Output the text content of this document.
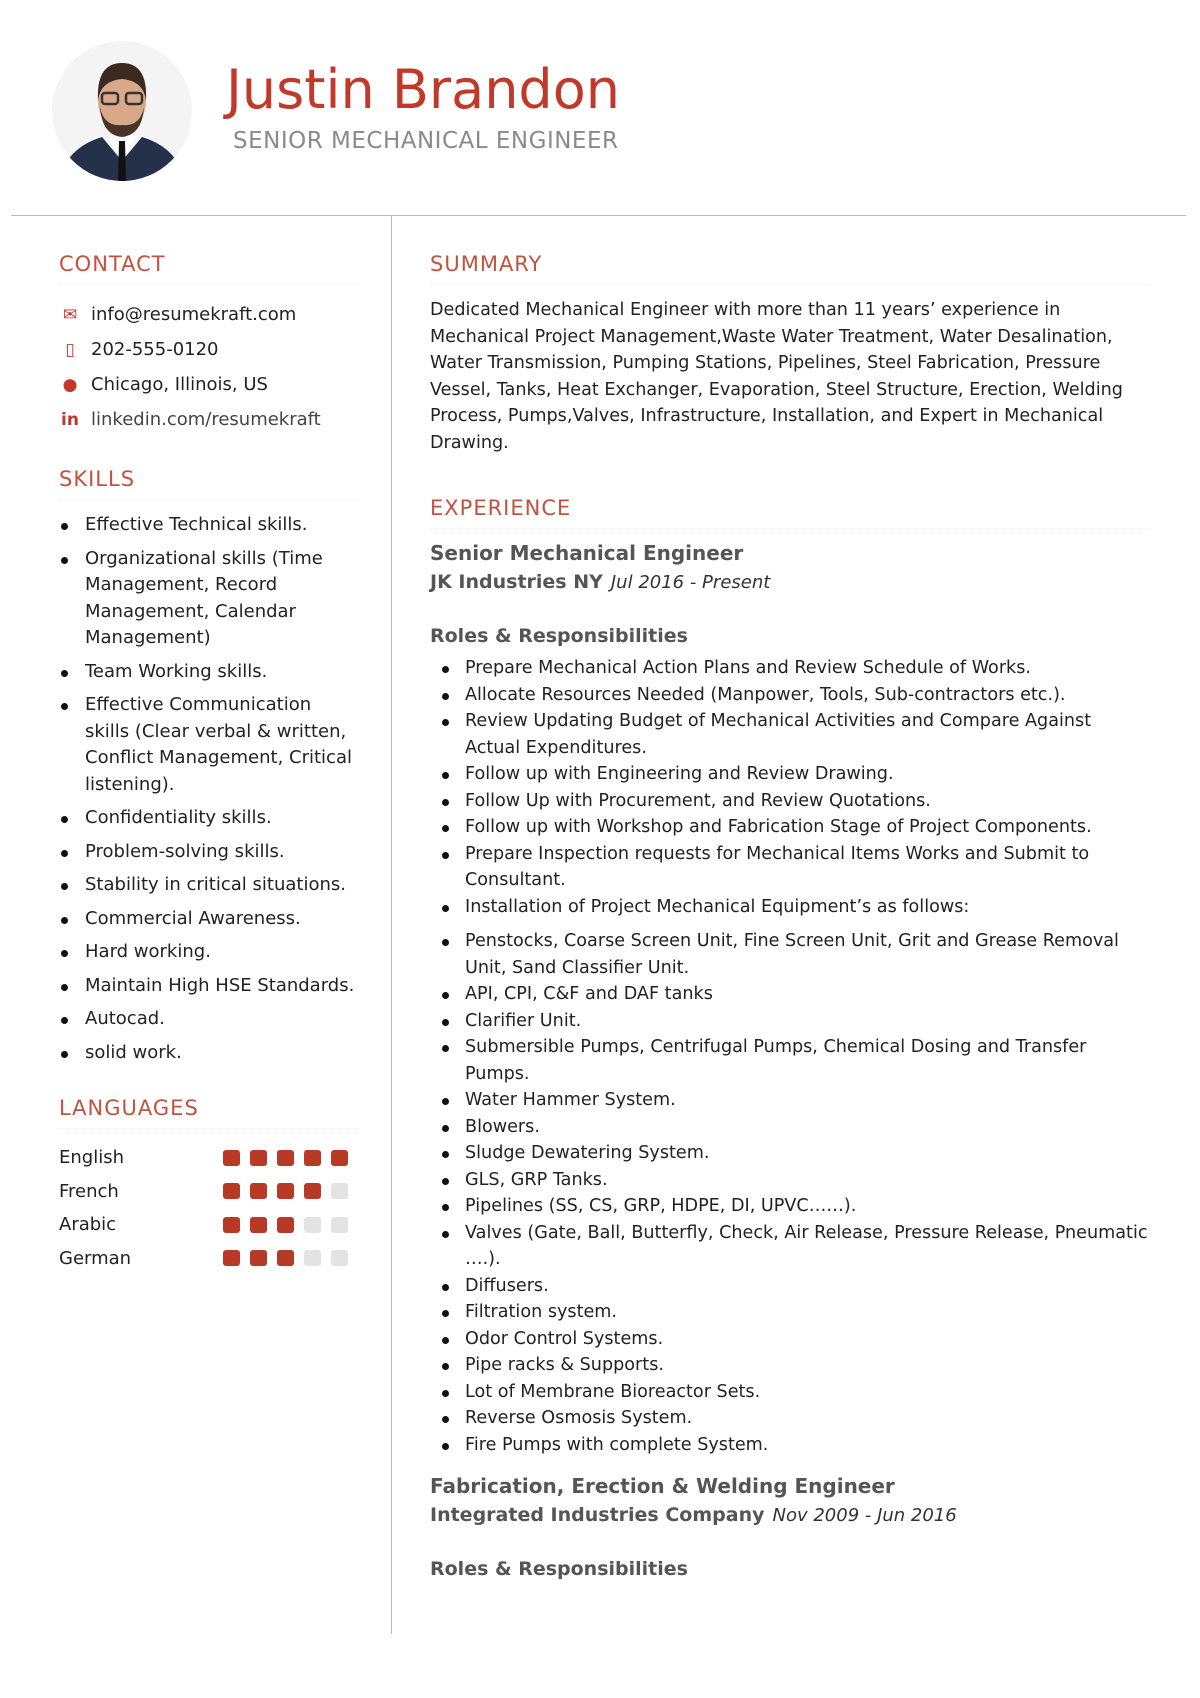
Justin Brandon
SENIOR MECHANICAL ENGINEER
CONTACT
✉ info@resumekraft.com
▯ 202-555-0120
● Chicago, Illinois, US
in linkedin.com/resumekraft
SKILLS
Effective Technical skills.
Organizational skills (Time Management, Record Management, Calendar Management)
Team Working skills.
Effective Communication skills (Clear verbal & written, Conflict Management, Critical listening).
Confidentiality skills.
Problem-solving skills.
Stability in critical situations.
Commercial Awareness.
Hard working.
Maintain High HSE Standards.
Autocad.
solid work.
LANGUAGES
English
French
Arabic
German
SUMMARY

Dedicated Mechanical Engineer with more than 11 years’ experience in Mechanical Project Management,Waste Water Treatment, Water Desalination, Water Transmission, Pumping Stations, Pipelines, Steel Fabrication, Pressure Vessel, Tanks, Heat Exchanger, Evaporation, Steel Structure, Erection, Welding Process, Pumps,Valves, Infrastructure, Installation, and Expert in Mechanical Drawing.

EXPERIENCE
Senior Mechanical Engineer
JK Industries NY Jul 2016 - Present
Roles & Responsibilities
Prepare Mechanical Action Plans and Review Schedule of Works.
Allocate Resources Needed (Manpower, Tools, Sub-contractors etc.).
Review Updating Budget of Mechanical Activities and Compare Against Actual Expenditures.
Follow up with Engineering and Review Drawing.
Follow Up with Procurement, and Review Quotations.
Follow up with Workshop and Fabrication Stage of Project Components.
Prepare Inspection requests for Mechanical Items Works and Submit to Consultant.
Installation of Project Mechanical Equipment’s as follows:
Penstocks, Coarse Screen Unit, Fine Screen Unit, Grit and Grease Removal Unit, Sand Classifier Unit.
API, CPI, C&F and DAF tanks
Clarifier Unit.
Submersible Pumps, Centrifugal Pumps, Chemical Dosing and Transfer Pumps.
Water Hammer System.
Blowers.
Sludge Dewatering System.
GLS, GRP Tanks.
Pipelines (SS, CS, GRP, HDPE, DI, UPVC……).
Valves (Gate, Ball, Butterfly, Check, Air Release, Pressure Release, Pneumatic ….).
Diffusers.
Filtration system.
Odor Control Systems.
Pipe racks & Supports.
Lot of Membrane Bioreactor Sets.
Reverse Osmosis System.
Fire Pumps with complete System.
Fabrication, Erection & Welding Engineer
Integrated Industries Company Nov 2009 - Jun 2016
Roles & Responsibilities
